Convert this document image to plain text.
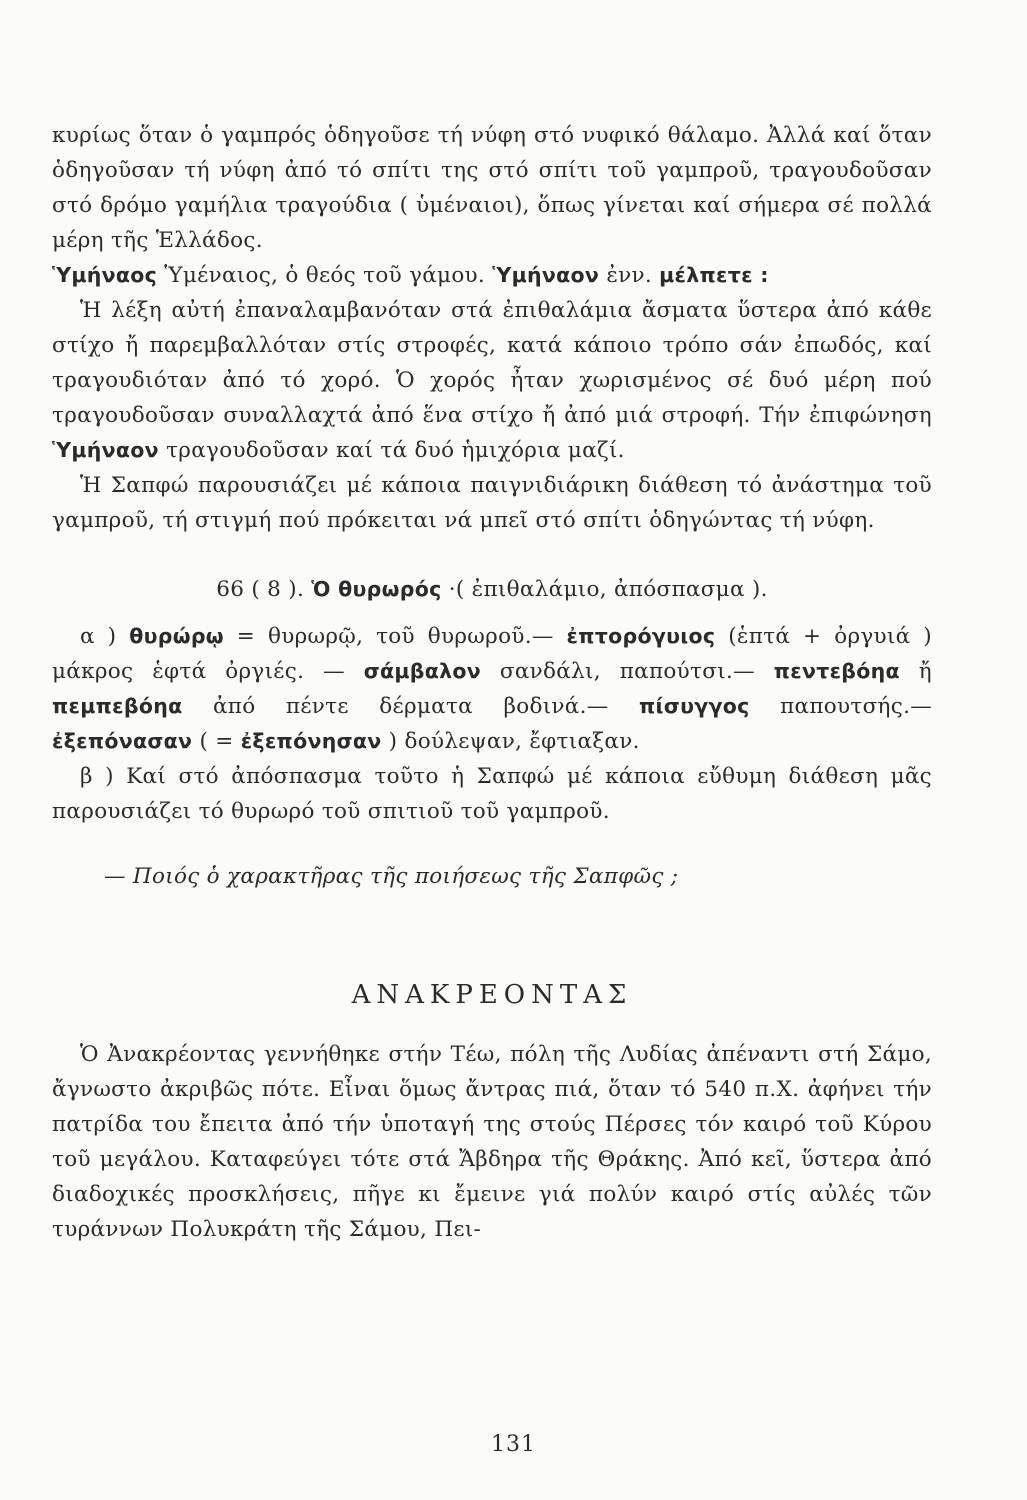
κυρίως ὅταν ὁ γαμπρός ὁδηγοῦσε τή νύφη στό νυφικό θάλαμο. Ἀλλά καί ὅταν ὁδηγοῦσαν τή νύφη ἀπό τό σπίτι της στό σπίτι τοῦ γαμπροῦ, τραγουδοῦσαν στό δρόμο γαμήλια τραγούδια ( ὑμέναιοι), ὅπως γίνεται καί σήμερα σέ πολλά μέρη τῆς Ἑλλάδος.

Ὑμήναος Ὑμέναιος, ὁ θεός τοῦ γάμου. Ὑμήναον ἐνν. μέλπετε :

Ἡ λέξη αὐτή ἐπαναλαμβανόταν στά ἐπιθαλάμια ἄσματα ὕστερα ἀπό κάθε στίχο ἤ παρεμβαλλόταν στίς στροφές, κατά κάποιο τρόπο σάν ἐπωδός, καί τραγουδιόταν ἀπό τό χορό. Ὁ χορός ἦταν χωρισμένος σέ δυό μέρη πού τραγουδοῦσαν συναλλαχτά ἀπό ἕνα στίχο ἤ ἀπό μιά στροφή. Τήν ἐπιφώνηση Ὑμήναον τραγουδοῦσαν καί τά δυό ἡμιχόρια μαζί.

Ἡ Σαπφώ παρουσιάζει μέ κάποια παιγνιδιάρικη διάθεση τό ἀνάστημα τοῦ γαμπροῦ, τή στιγμή πού πρόκειται νά μπεῖ στό σπίτι ὁδηγώντας τή νύφη.

66 ( 8 ). Ὁ θυρωρός ·( ἐπιθαλάμιο, ἀπόσπασμα ).

α ) θυρώρῳ = θυρωρῷ, τοῦ θυρωροῦ.— ἐπτορόγυιος (ἑπτά + ὀργυιά ) μάκρος ἑφτά ὀργιές. — σάμβαλον σανδάλι, παπούτσι.— πεντεβόηα ἤ πεμπεβόηα ἀπό πέντε δέρματα βοδινά.— πίσυγγος παπουτσής.— ἐξεπόνασαν ( = ἐξεπόνησαν ) δούλεψαν, ἔφτιαξαν.

β ) Καί στό ἀπόσπασμα τοῦτο ἡ Σαπφώ μέ κάποια εὔθυμη διάθεση μᾶς παρουσιάζει τό θυρωρό τοῦ σπιτιοῦ τοῦ γαμπροῦ.

— Ποιός ὁ χαρακτῆρας τῆς ποιήσεως τῆς Σαπφῶς ;

ΑΝΑΚΡΕΟΝΤΑΣ

Ὁ Ἀνακρέοντας γεννήθηκε στήν Τέω, πόλη τῆς Λυδίας ἀπέναντι στή Σάμο, ἄγνωστο ἀκριβῶς πότε. Εἶναι ὅμως ἄντρας πιά, ὅταν τό 540 π.Χ. ἀφήνει τήν πατρίδα του ἔπειτα ἀπό τήν ὑποταγή της στούς Πέρσες τόν καιρό τοῦ Κύρου τοῦ μεγάλου. Καταφεύγει τότε στά Ἄβδηρα τῆς Θράκης. Ἀπό κεῖ, ὕστερα ἀπό διαδοχικές προσκλήσεις, πῆγε κι ἔμεινε γιά πολύν καιρό στίς αὐλές τῶν τυράννων Πολυκράτη τῆς Σάμου, Πει-

131
